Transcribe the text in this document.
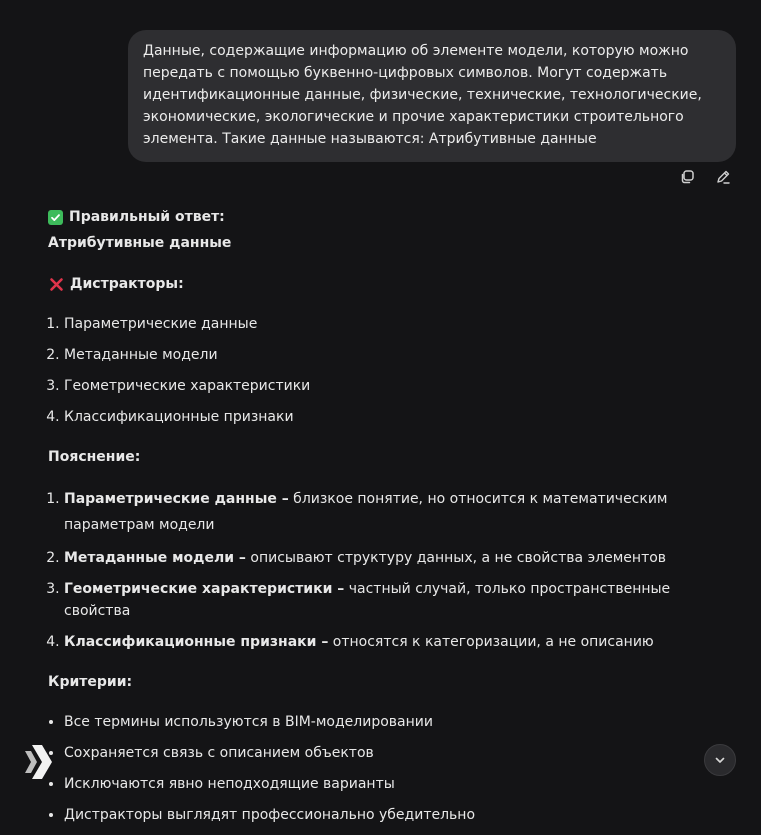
Данные, содержащие информацию об элементе модели, которую можно передать с помощью буквенно-цифровых символов. Могут содержать идентификационные данные, физические, технические, технологические, экономические, экологические и прочие характеристики строительного элемента. Такие данные называются: Атрибутивные данные
Правильный ответ:
Атрибутивные данные
Дистракторы:
1. Параметрические данные
2. Метаданные модели
3. Геометрические характеристики
4. Классификационные признаки
Пояснение:
1. Параметрические данные – близкое понятие, но относится к математическим параметрам модели
2. Метаданные модели – описывают структуру данных, а не свойства элементов
3. Геометрические характеристики – частный случай, только пространственные свойства
4. Классификационные признаки – относятся к категоризации, а не описанию
Критерии:
• Все термины используются в BIM-моделировании
• Сохраняется связь с описанием объектов
• Исключаются явно неподходящие варианты
• Дистракторы выглядят профессионально убедительно
